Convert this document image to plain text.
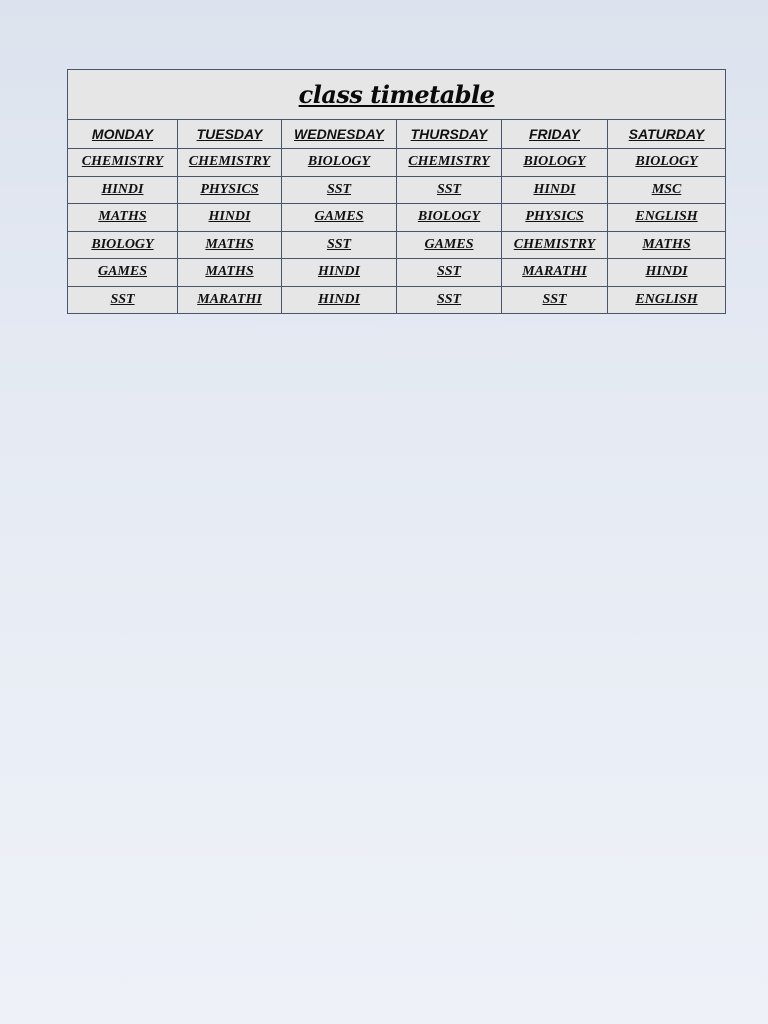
class timetable					
MONDAY	TUESDAY	WEDNESDAY	THURSDAY	FRIDAY	SATURDAY
CHEMISTRY	CHEMISTRY	BIOLOGY	CHEMISTRY	BIOLOGY	BIOLOGY
HINDI	PHYSICS	SST	SST	HINDI	MSC
MATHS	HINDI	GAMES	BIOLOGY	PHYSICS	ENGLISH
BIOLOGY	MATHS	SST	GAMES	CHEMISTRY	MATHS
GAMES	MATHS	HINDI	SST	MARATHI	HINDI
SST	MARATHI	HINDI	SST	SST	ENGLISH
